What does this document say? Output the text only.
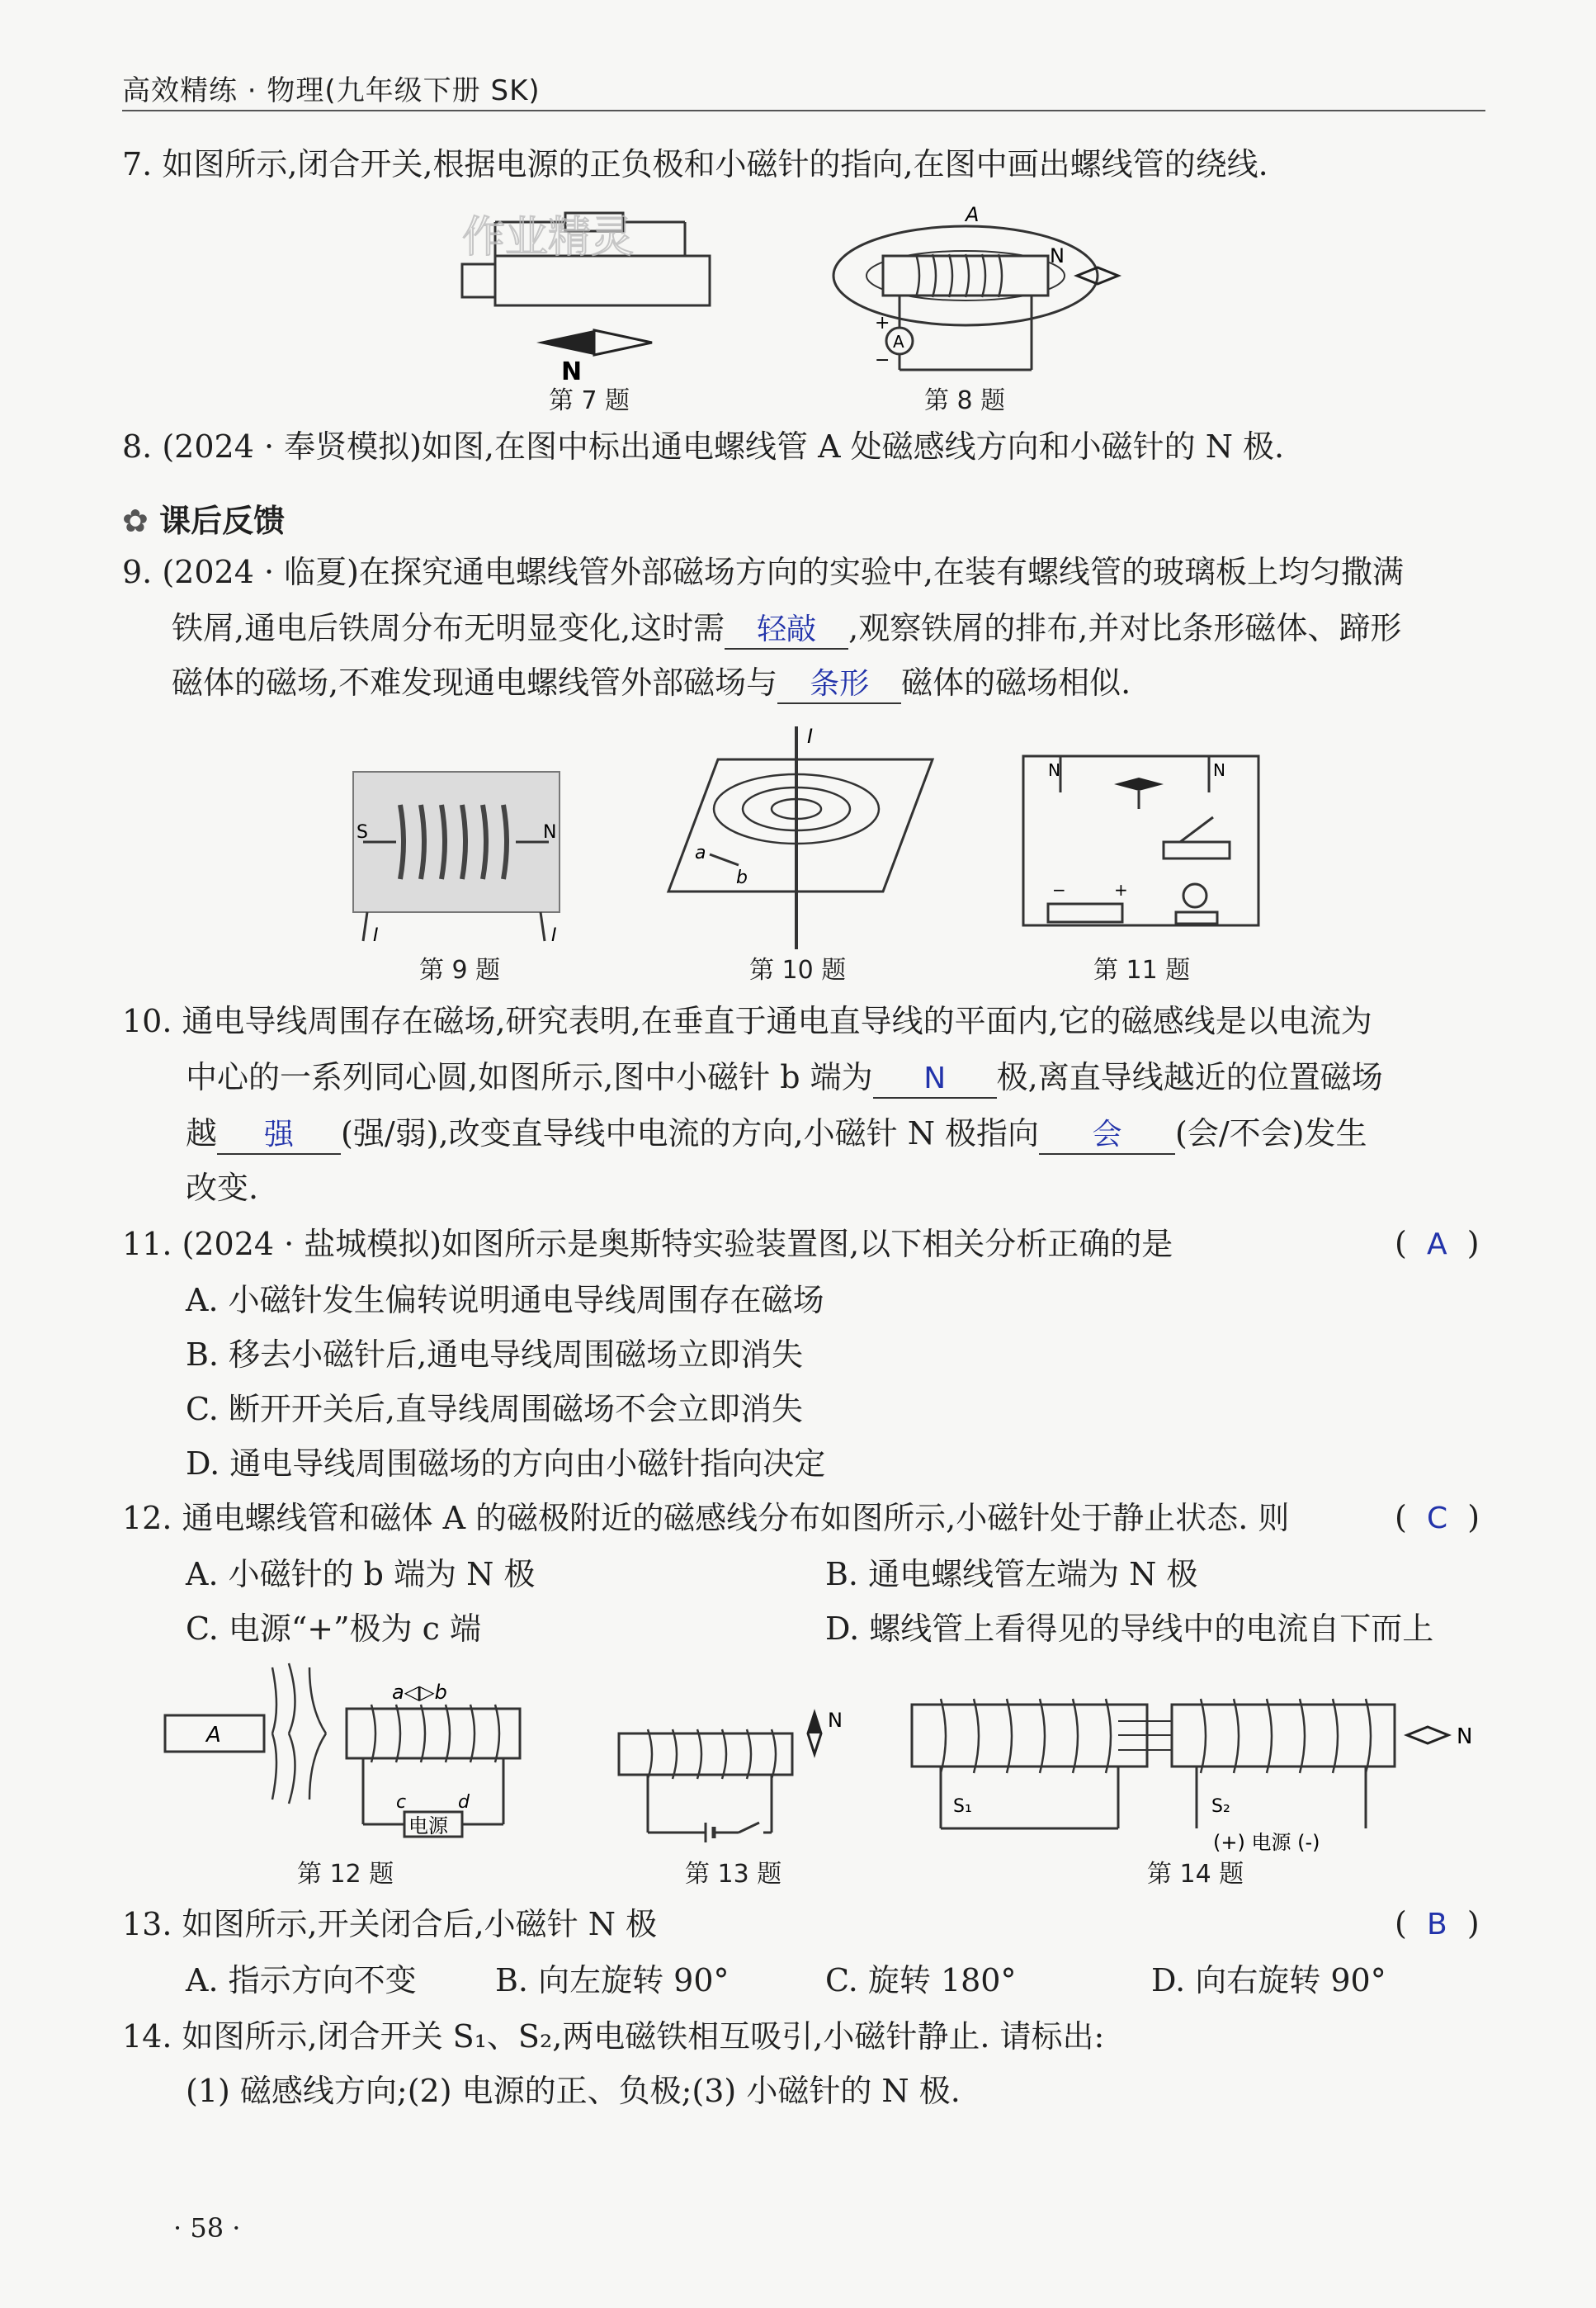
高效精练 · 物理(九年级下册 SK)
7. 如图所示,闭合开关,根据电源的正负极和小磁针的指向,在图中画出螺线管的绕线.
N
作业精灵
第 7 题
A
N
A
+
−
第 8 题
8. (2024 · 奉贤模拟)如图,在图中标出通电螺线管 A 处磁感线方向和小磁针的 N 极.
✿ 课后反馈
9. (2024 · 临夏)在探究通电螺线管外部磁场方向的实验中,在装有螺线管的玻璃板上均匀撒满
铁屑,通电后铁周分布无明显变化,这时需 轻敲 ,观察铁屑的排布,并对比条形磁体、蹄形
磁体的磁场,不难发现通电螺线管外部磁场与 条形 磁体的磁场相似.
S	N
I	I
第 9 题
I
a
b
第 10 题
N	N
−	+
第 11 题
10. 通电导线周围存在磁场,研究表明,在垂直于通电直导线的平面内,它的磁感线是以电流为
中心的一系列同心圆,如图所示,图中小磁针 b 端为 N 极,离直导线越近的位置磁场
越 强 (强/弱),改变直导线中电流的方向,小磁针 N 极指向 会 (会/不会)发生
改变.
11. (2024 · 盐城模拟)如图所示是奥斯特实验装置图,以下相关分析正确的是	(  A  )
A. 小磁针发生偏转说明通电导线周围存在磁场
B. 移去小磁针后,通电导线周围磁场立即消失
C. 断开开关后,直导线周围磁场不会立即消失
D. 通电导线周围磁场的方向由小磁针指向决定
12. 通电螺线管和磁体 A 的磁极附近的磁感线分布如图所示,小磁针处于静止状态. 则	(  C  )
A. 小磁针的 b 端为 N 极	B. 通电螺线管左端为 N 极
C. 电源“+”极为 c 端	D. 螺线管上看得见的导线中的电流自下而上
A
a◁▷b
电源
c	d
第 12 题
N
第 13 题
N
S₁	S₂
(+) 电源 (-)
第 14 题
13. 如图所示,开关闭合后,小磁针 N 极	(  B  )
A. 指示方向不变	B. 向左旋转 90°	C. 旋转 180°	D. 向右旋转 90°
14. 如图所示,闭合开关 S₁、S₂,两电磁铁相互吸引,小磁针静止. 请标出:
(1) 磁感线方向;(2) 电源的正、负极;(3) 小磁针的 N 极.
· 58 ·
